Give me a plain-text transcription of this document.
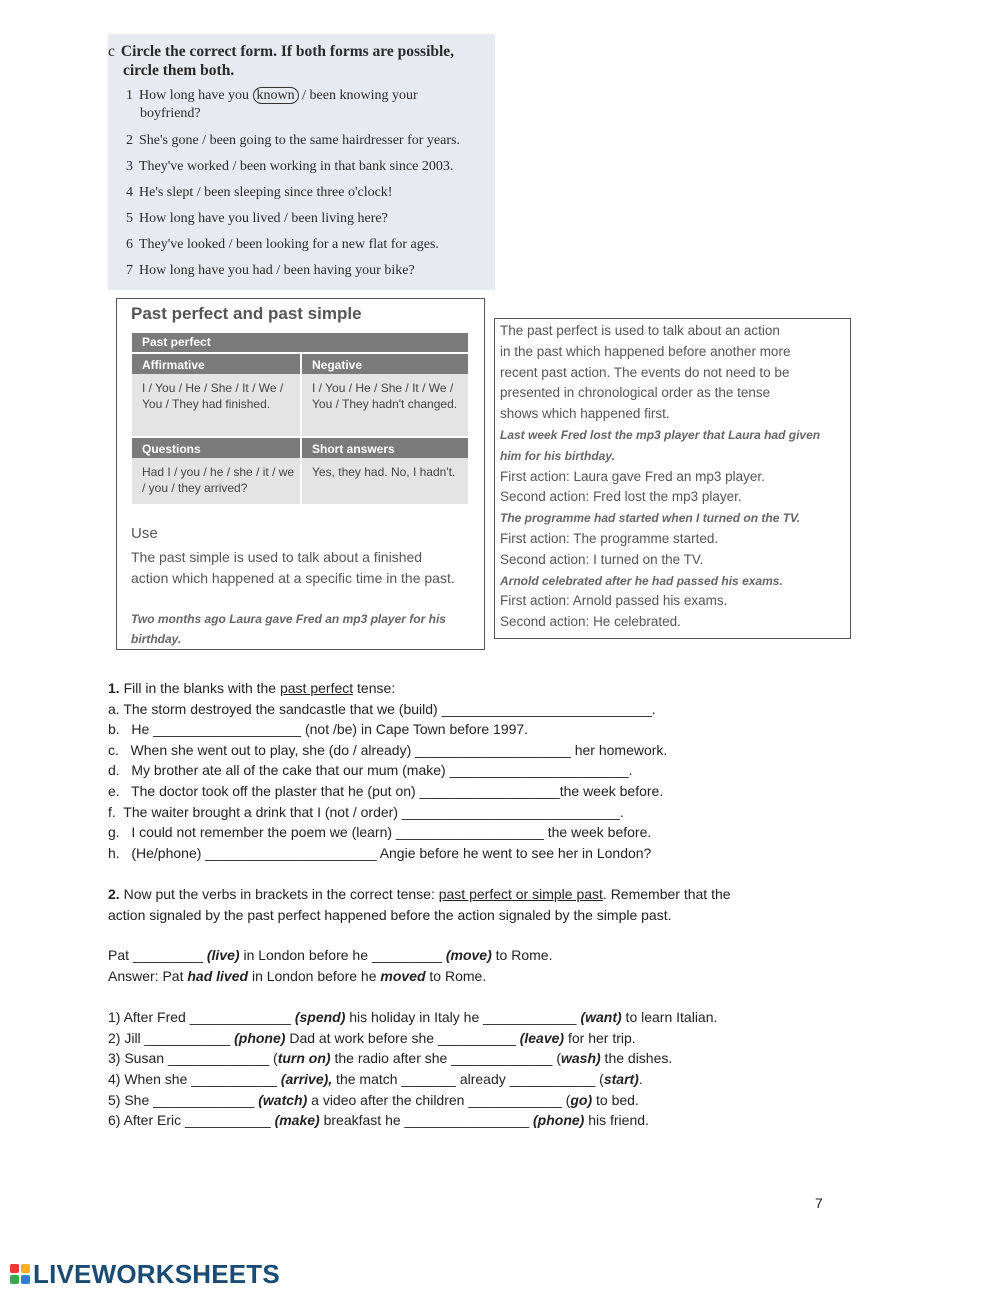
c Circle the correct form. If both forms are possible,
circle them both.
1 How long have you known / been knowing your
boyfriend?
2 She's gone / been going to the same hairdresser for years.
3 They've worked / been working in that bank since 2003.
4 He's slept / been sleeping since three o'clock!
5 How long have you lived / been living here?
6 They've looked / been looking for a new flat for ages.
7 How long have you had / been having your bike?
Past perfect and past simple
Past perfect
Affirmative	Negative
I / You / He / She / It / We / You / They had finished.
I / You / He / She / It / We / You / They hadn't changed.
Questions	Short answers
Had I / you / he / she / it / we / you / they arrived?
Yes, they had. No, I hadn't.
Use
The past simple is used to talk about a finished action which happened at a specific time in the past.
Two months ago Laura gave Fred an mp3 player for his birthday.
The past perfect is used to talk about an action
in the past which happened before another more
recent past action. The events do not need to be
presented in chronological order as the tense
shows which happened first.
Last week Fred lost the mp3 player that Laura had given
him for his birthday.
First action: Laura gave Fred an mp3 player.
Second action: Fred lost the mp3 player.
The programme had started when I turned on the TV.
First action: The programme started.
Second action: I turned on the TV.
Arnold celebrated after he had passed his exams.
First action: Arnold passed his exams.
Second action: He celebrated.
1. Fill in the blanks with the past perfect tense:
a. The storm destroyed the sandcastle that we (build) ___________________________.
b.   He ___________________ (not /be) in Cape Town before 1997.
c.   When she went out to play, she (do / already) ____________________ her homework.
d.   My brother ate all of the cake that our mum (make) _______________________.
e.   The doctor took off the plaster that he (put on) __________________the week before.
f.  The waiter brought a drink that I (not / order) ____________________________.
g.   I could not remember the poem we (learn) ___________________ the week before.
h.   (He/phone) ______________________ Angie before he went to see her in London?
2. Now put the verbs in brackets in the correct tense: past perfect or simple past. Remember that the
action signaled by the past perfect happened before the action signaled by the simple past.
Pat _________ (live) in London before he _________ (move) to Rome.
Answer: Pat had lived in London before he moved to Rome.
1) After Fred _____________ (spend) his holiday in Italy he ____________ (want) to learn Italian.
2) Jill ___________ (phone) Dad at work before she __________ (leave) for her trip.
3) Susan _____________ (turn on) the radio after she _____________ (wash) the dishes.
4) When she ___________ (arrive), the match _______ already ___________ (start).
5) She _____________ (watch) a video after the children ____________ (go) to bed.
6) After Eric ___________ (make) breakfast he ________________ (phone) his friend.
7
LIVEWORKSHEETS
